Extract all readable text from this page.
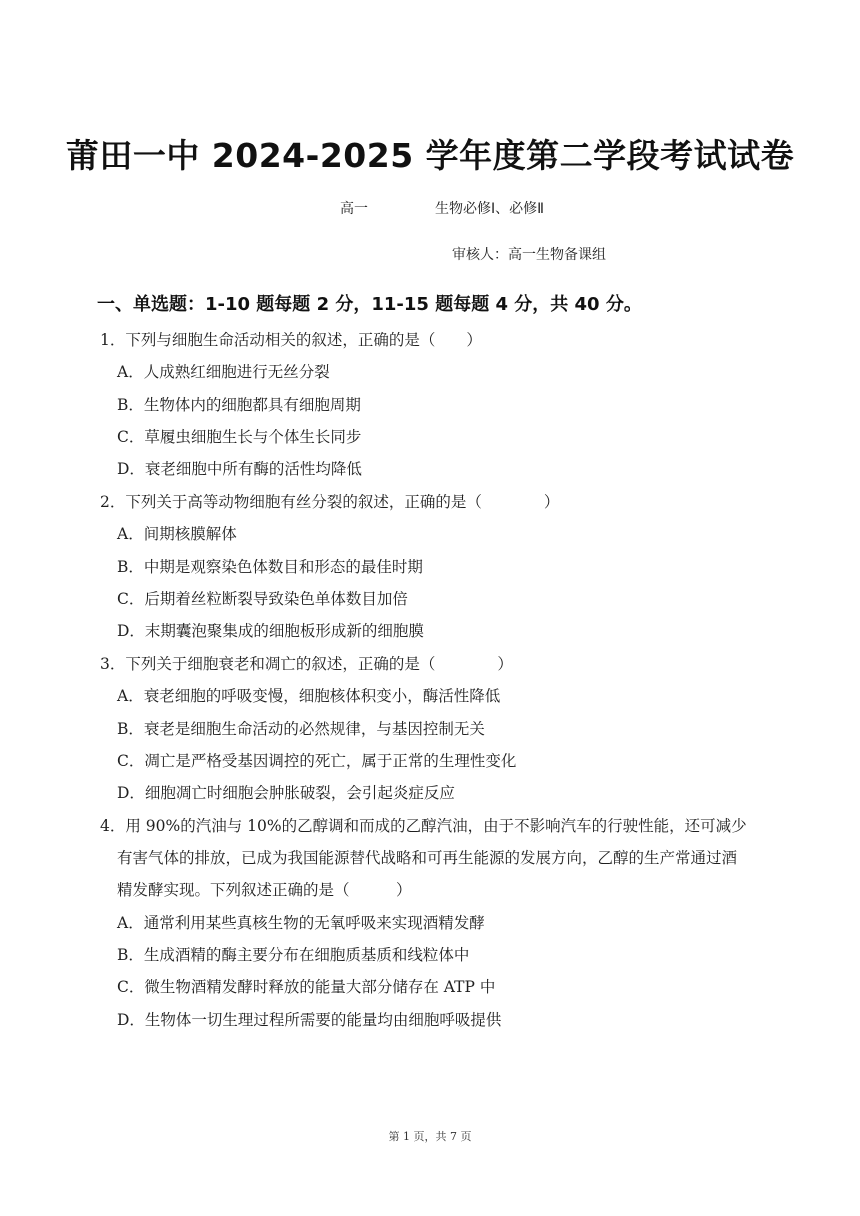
莆田一中 2024-2025 学年度第二学段考试试卷
高一	生物必修Ⅰ、必修Ⅱ
审核人：高一生物备课组
一、单选题：1-10 题每题 2 分，11-15 题每题 4 分，共 40 分。
1．下列与细胞生命活动相关的叙述，正确的是（　　）
A．人成熟红细胞进行无丝分裂
B．生物体内的细胞都具有细胞周期
C．草履虫细胞生长与个体生长同步
D．衰老细胞中所有酶的活性均降低
2．下列关于高等动物细胞有丝分裂的叙述，正确的是（　　　　）
A．间期核膜解体
B．中期是观察染色体数目和形态的最佳时期
C．后期着丝粒断裂导致染色单体数目加倍
D．末期囊泡聚集成的细胞板形成新的细胞膜
3．下列关于细胞衰老和凋亡的叙述，正确的是（　　　　）
A．衰老细胞的呼吸变慢，细胞核体积变小，酶活性降低
B．衰老是细胞生命活动的必然规律，与基因控制无关
C．凋亡是严格受基因调控的死亡，属于正常的生理性变化
D．细胞凋亡时细胞会肿胀破裂，会引起炎症反应
4．用 90%的汽油与 10%的乙醇调和而成的乙醇汽油，由于不影响汽车的行驶性能，还可减少
有害气体的排放，已成为我国能源替代战略和可再生能源的发展方向，乙醇的生产常通过酒
精发酵实现。下列叙述正确的是（　　　）
A．通常利用某些真核生物的无氧呼吸来实现酒精发酵
B．生成酒精的酶主要分布在细胞质基质和线粒体中
C．微生物酒精发酵时释放的能量大部分储存在 ATP 中
D．生物体一切生理过程所需要的能量均由细胞呼吸提供
第 1 页，共 7 页
